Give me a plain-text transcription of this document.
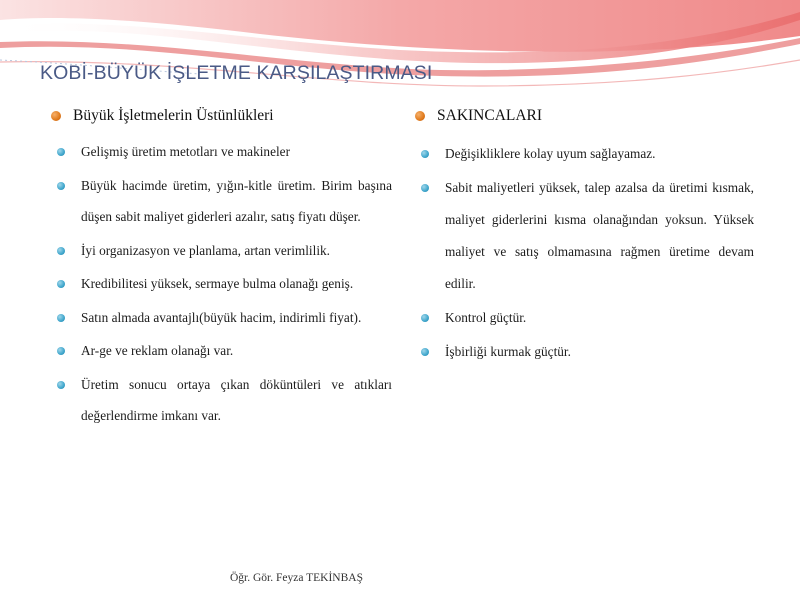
KOBİ-BÜYÜK İŞLETME KARŞILAŞTIRMASI
Büyük İşletmelerin Üstünlükleri
Gelişmiş üretim metotları ve makineler
Büyük hacimde üretim, yığın-kitle üretim. Birim başına düşen sabit maliyet giderleri azalır, satış fiyatı düşer.
İyi organizasyon ve planlama, artan verimlilik.
Kredibilitesi yüksek, sermaye bulma olanağı geniş.
Satın almada avantajlı(büyük hacim, indirimli fiyat).
Ar-ge ve reklam olanağı var.
Üretim sonucu ortaya çıkan döküntüleri ve atıkları değerlendirme imkanı var.
SAKINCALARI
Değişikliklere kolay uyum sağlayamaz.
Sabit maliyetleri yüksek, talep azalsa da üretimi kısmak, maliyet giderlerini kısma olanağından yoksun. Yüksek maliyet ve satış olmamasına rağmen üretime devam edilir.
Kontrol güçtür.
İşbirliği kurmak güçtür.
Öğr. Gör. Feyza TEKİNBAŞ
